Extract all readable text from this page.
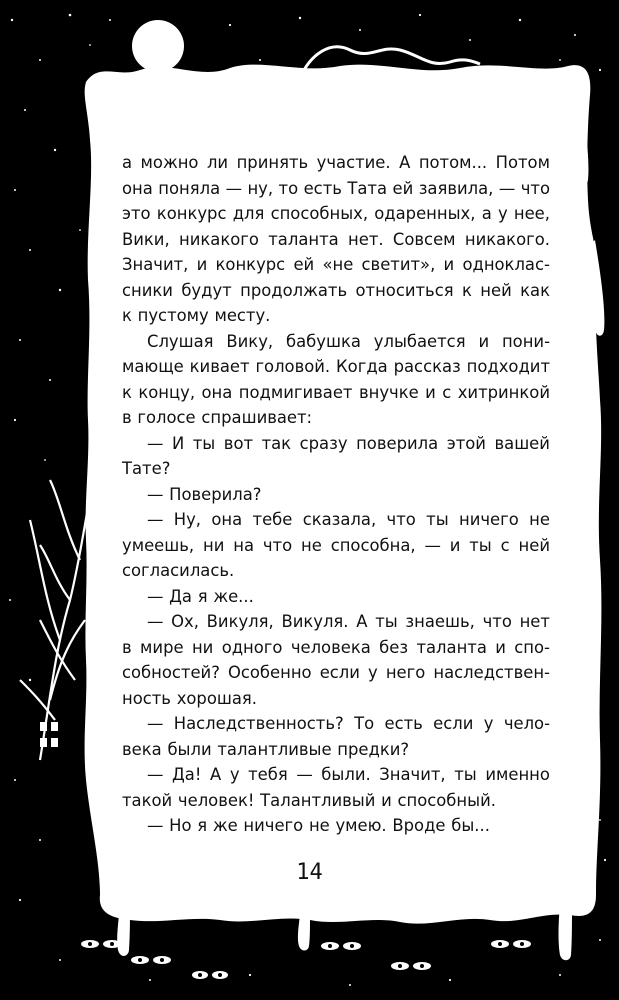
а можно ли принять участие. А потом... Потом
она поняла — ну, то есть Тата ей заявила, — что
это конкурс для способных, одаренных, а у нее,
Вики, никакого таланта нет. Совсем никакого.
Значит, и конкурс ей «не светит», и одноклас-
сники будут продолжать относиться к ней как
к пустому месту.
Слушая Вику, бабушка улыбается и пони-
мающе кивает головой. Когда рассказ подходит
к концу, она подмигивает внучке и с хитринкой
в голосе спрашивает:
— И ты вот так сразу поверила этой вашей
Тате?
— Поверила?
— Ну, она тебе сказала, что ты ничего не
умеешь, ни на что не способна, — и ты с ней
согласилась.
— Да я же...
— Ох, Викуля, Викуля. А ты знаешь, что нет
в мире ни одного человека без таланта и спо-
собностей? Особенно если у него наследствен-
ность хорошая.
— Наследственность? То есть если у чело-
века были талантливые предки?
— Да! А у тебя — были. Значит, ты именно
такой человек! Талантливый и способный.
— Но я же ничего не умею. Вроде бы...
14
